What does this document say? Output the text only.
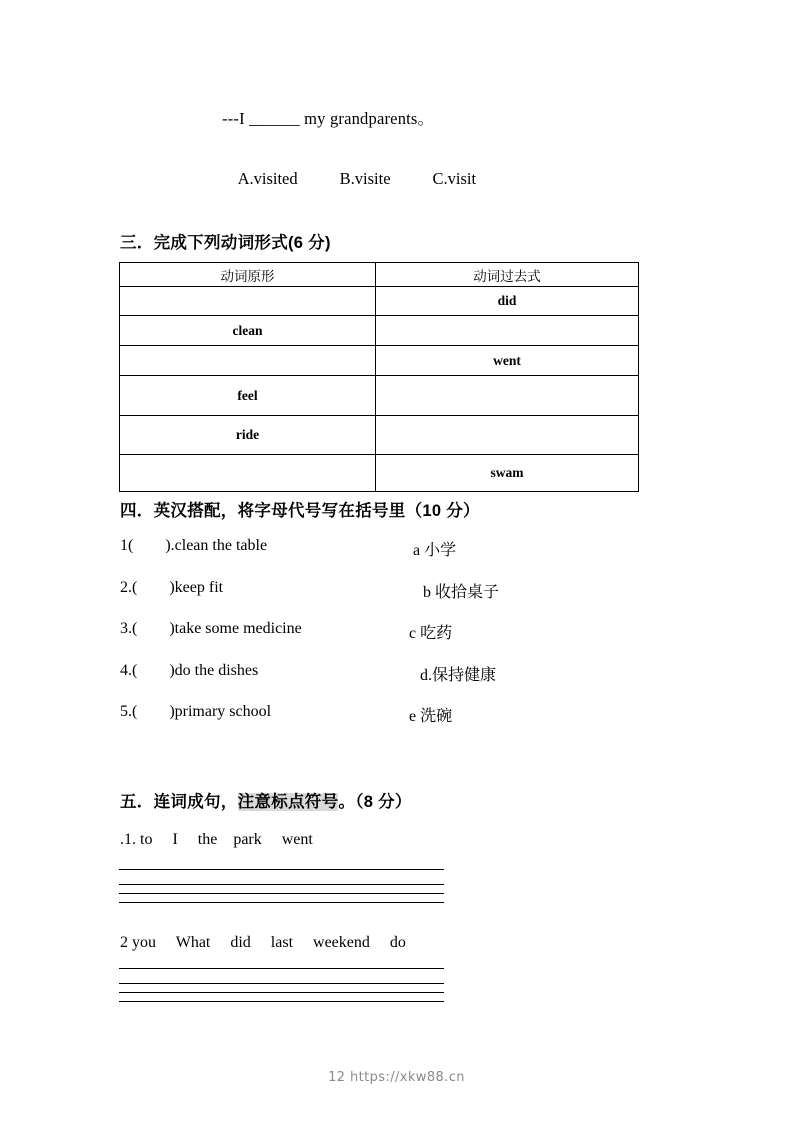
---I ______ my grandparents。

A.visited	B.visite	C.visit

三．完成下列动词形式(6 分)
动词原形	动词过去式
	did
clean	
	went
feel	
ride	
	swam
四．英汉搭配，将字母代号写在括号里（10 分）
1(        ).clean the table	a 小学
2.(        )keep fit	b 收拾桌子
3.(        )take some medicine	c 吃药
4.(        )do the dishes	d.保持健康
5.(        )primary school	e 洗碗
五．连词成句，注意标点符号。（8 分）
.1. to     I     the    park     went
2 you     What     did     last     weekend     do
12 https://xkw88.cn
